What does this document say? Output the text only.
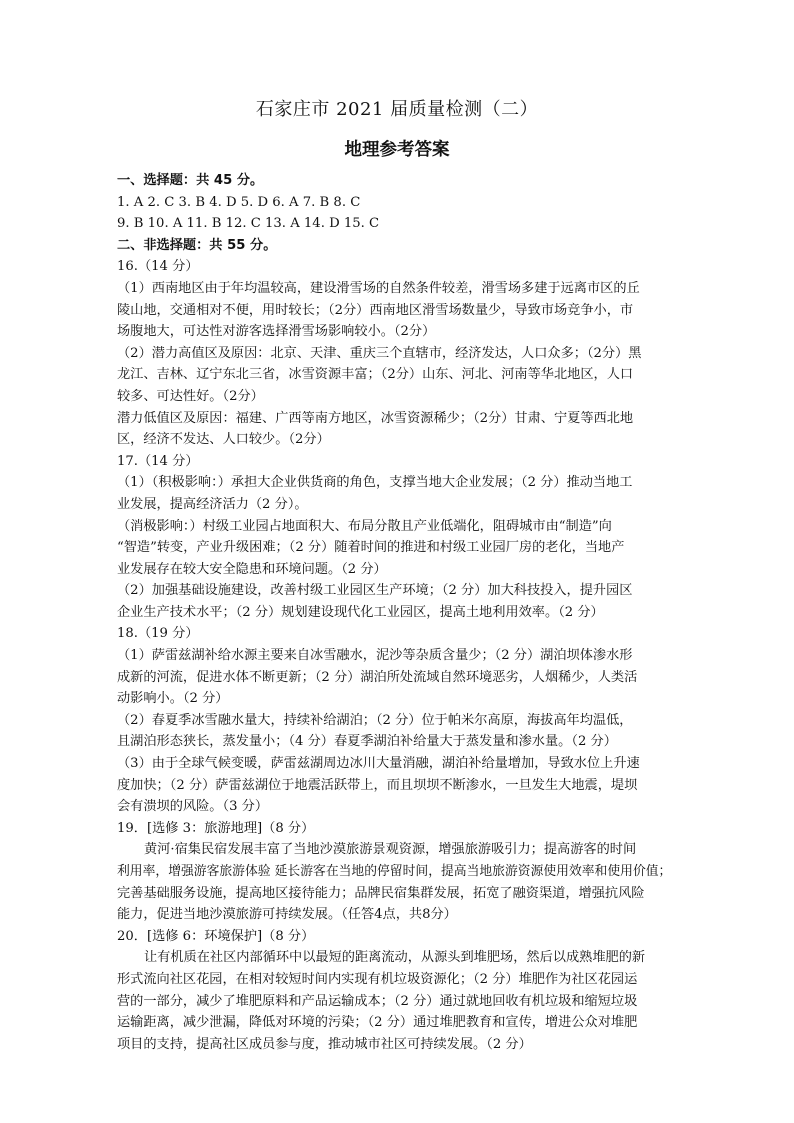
石家庄市 2021 届质量检测（二）
地理参考答案
一、选择题：共 45 分。
1. A 2. C 3. B 4. D 5. D 6. A 7. B 8. C
9. B 10. A 11. B 12. C 13. A 14. D 15. C
二、非选择题：共 55 分。
16.（14 分）
（1）西南地区由于年均温较高，建设滑雪场的自然条件较差，滑雪场多建于远离市区的丘
陵山地，交通相对不便，用时较长；（2分）西南地区滑雪场数量少，导致市场竞争小，市
场腹地大，可达性对游客选择滑雪场影响较小。（2分）
（2）潜力高值区及原因：北京、天津、重庆三个直辖市，经济发达，人口众多；（2分）黑
龙江、吉林、辽宁东北三省，冰雪资源丰富；（2分）山东、河北、河南等华北地区，人口
较多、可达性好。（2分）
潜力低值区及原因：福建、广西等南方地区，冰雪资源稀少；（2分）甘肃、宁夏等西北地
区，经济不发达、人口较少。（2分）
17.（14 分）
（1）（积极影响：）承担大企业供货商的角色，支撑当地大企业发展；（2 分）推动当地工
业发展，提高经济活力（2 分）。
（消极影响：）村级工业园占地面积大、布局分散且产业低端化，阻碍城市由“制造”向
“智造”转变，产业升级困难；（2 分）随着时间的推进和村级工业园厂房的老化，当地产
业发展存在较大安全隐患和环境问题。（2 分）
（2）加强基础设施建设，改善村级工业园区生产环境；（2 分）加大科技投入，提升园区
企业生产技术水平；（2 分）规划建设现代化工业园区，提高土地利用效率。（2 分）
18.（19 分）
（1）萨雷兹湖补给水源主要来自冰雪融水，泥沙等杂质含量少；（2 分）湖泊坝体渗水形
成新的河流，促进水体不断更新；（2 分）湖泊所处流域自然环境恶劣，人烟稀少，人类活
动影响小。（2 分）
（2）春夏季冰雪融水量大，持续补给湖泊；（2 分）位于帕米尔高原，海拔高年均温低，
且湖泊形态狭长，蒸发量小；（4 分）春夏季湖泊补给量大于蒸发量和渗水量。（2 分）
（3）由于全球气候变暖，萨雷兹湖周边冰川大量消融，湖泊补给量增加，导致水位上升速
度加快；（2 分）萨雷兹湖位于地震活跃带上，而且坝坝不断渗水，一旦发生大地震，堤坝
会有溃坝的风险。（3 分）
19．[选修 3：旅游地理]（8 分）
黄河·宿集民宿发展丰富了当地沙漠旅游景观资源，增强旅游吸引力；提高游客的时间
利用率，增强游客旅游体验 延长游客在当地的停留时间，提高当地旅游资源使用效率和使用价值；
完善基础服务设施，提高地区接待能力；品牌民宿集群发展，拓宽了融资渠道，增强抗风险
能力，促进当地沙漠旅游可持续发展。（任答4点，共8分）
20．[选修 6：环境保护]（8 分）
让有机质在社区内部循环中以最短的距离流动，从源头到堆肥场，然后以成熟堆肥的新
形式流向社区花园，在相对较短时间内实现有机垃圾资源化；（2 分）堆肥作为社区花园运
营的一部分，减少了堆肥原料和产品运输成本；（2 分）通过就地回收有机垃圾和缩短垃圾
运输距离，减少泄漏，降低对环境的污染；（2 分）通过堆肥教育和宣传，增进公众对堆肥
项目的支持，提高社区成员参与度，推动城市社区可持续发展。（2 分）
